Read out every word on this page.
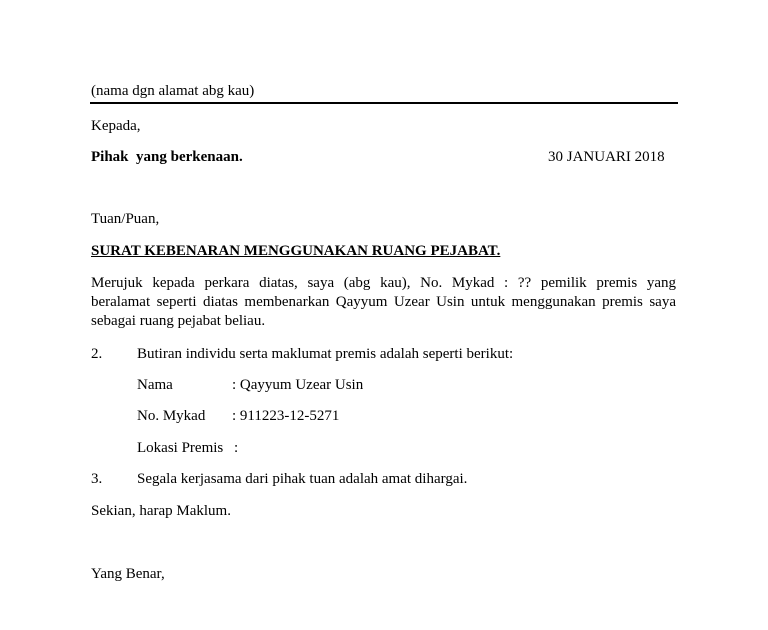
(nama dgn alamat abg kau)
Kepada,
Pihak  yang berkenaan.	30 JANUARI 2018
Tuan/Puan,
SURAT KEBENARAN MENGGUNAKAN RUANG PEJABAT.

Merujuk kepada perkara diatas, saya (abg kau), No. Mykad : ?? pemilik premis yang

beralamat seperti diatas membenarkan Qayyum Uzear Usin untuk menggunakan premis saya

sebagai ruang pejabat beliau.

2. Butiran individu serta maklumat premis adalah seperti berikut:
Nama	: Qayyum Uzear Usin
No. Mykad : 911223-12-5271
Lokasi Premis :
3. Segala kerjasama dari pihak tuan adalah amat dihargai.
Sekian, harap Maklum.
Yang Benar,
